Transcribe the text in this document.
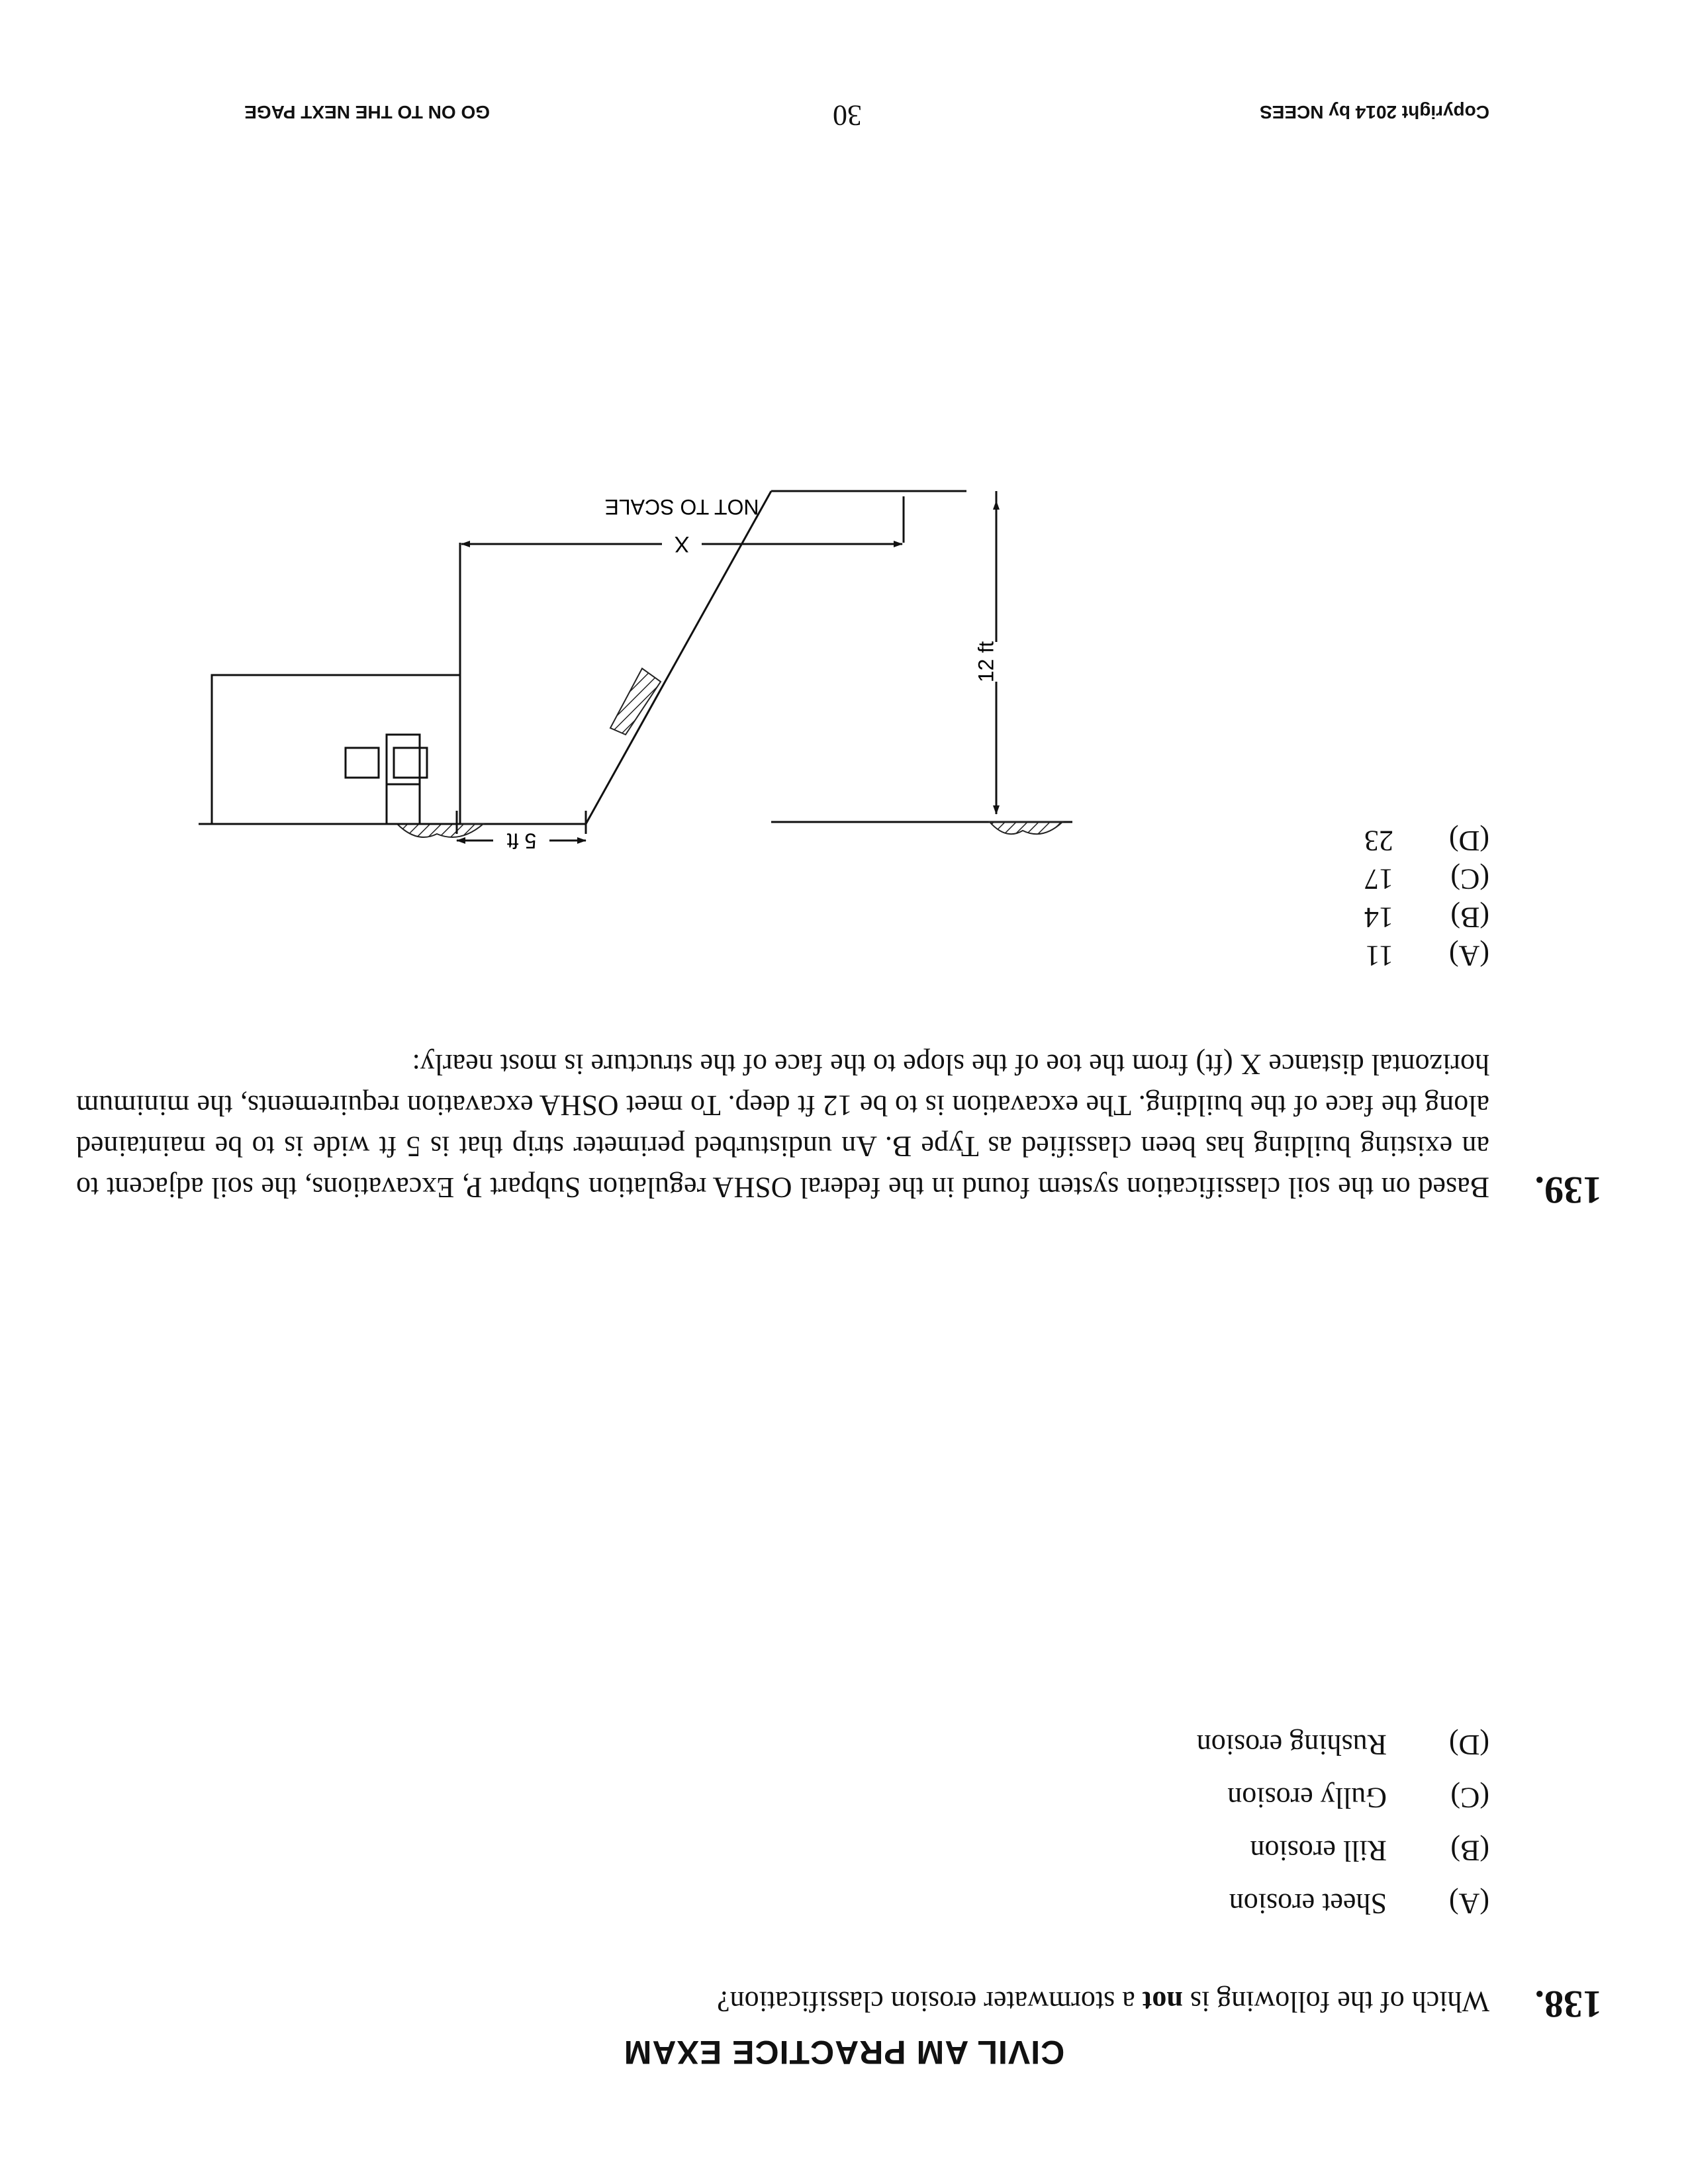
CIVIL AM PRACTICE EXAM
138.
Which of the following is not a stormwater erosion classification?
(A)
Sheet erosion
(B)
Rill erosion
(C)
Gully erosion
(D)
Rushing erosion
139.
Based on the soil classification system found in the federal OSHA regulation Subpart P, Excavations, the soil adjacent to an existing building has been classified as Type B. An undisturbed perimeter strip that is 5 ft wide is to be maintained along the face of the building. The excavation is to be 12 ft deep. To meet OSHA excavation requirements, the minimum horizontal distance X (ft) from the toe of the slope to the face of the structure is most nearly:
(A)
11
(B)
14
(C)
17
(D)
23
12 ft
5 ft
X
NOT TO SCALE
Copyright 2014 by NCEES
30
GO ON TO THE NEXT PAGE
